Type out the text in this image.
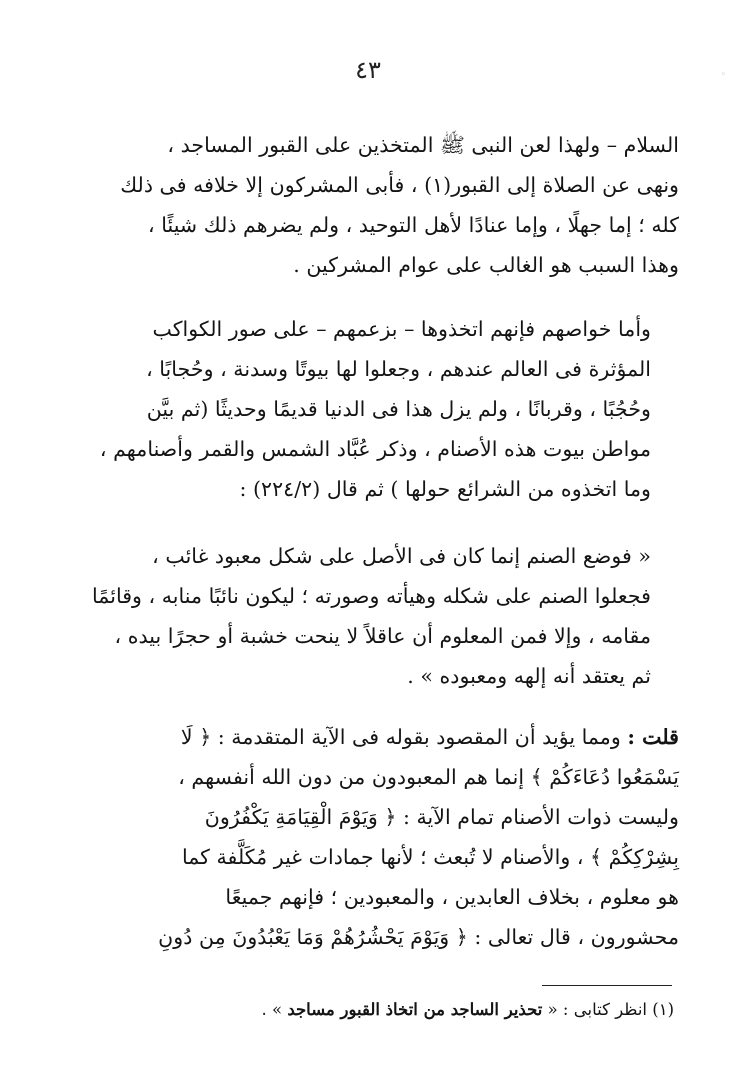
٤٣

السلام – ولهذا لعن النبى ﷺ المتخذين على القبور المساجد ،
ونهى عن الصلاة إلى القبور(١) ، فأبى المشركون إلا خلافه فى ذلك
كله ؛ إما جهلًا ، وإما عنادًا لأهل التوحيد ، ولم يضرهم ذلك شيئًا ،
وهذا السبب هو الغالب على عوام المشركين .

وأما خواصهم فإنهم اتخذوها – بزعمهم – على صور الكواكب
المؤثرة فى العالم عندهم ، وجعلوا لها بيوتًا وسدنة ، وحُجابًا ،
وحُجُبًا ، وقربانًا ، ولم يزل هذا فى الدنيا قديمًا وحديثًا (ثم بيَّن
مواطن بيوت هذه الأصنام ، وذكر عُبَّاد الشمس والقمر وأصنامهم ،
وما اتخذوه من الشرائع حولها ) ثم قال (٢٢٤/٢) :

« فوضع الصنم إنما كان فى الأصل على شكل معبود غائب ،
فجعلوا الصنم على شكله وهيأته وصورته ؛ ليكون نائبًا منابه ، وقائمًا
مقامه ، وإلا فمن المعلوم أن عاقلاً لا ينحت خشبة أو حجرًا بيده ،
ثم يعتقد أنه إلهه ومعبوده » .

قلت : ومما يؤيد أن المقصود بقوله فى الآية المتقدمة : ﴿ لَا
يَسْمَعُوا دُعَاءَكُمْ ﴾ إنما هم المعبودون من دون الله أنفسهم ،
وليست ذوات الأصنام تمام الآية : ﴿ وَيَوْمَ الْقِيَامَةِ يَكْفُرُونَ
بِشِرْكِكُمْ ﴾ ، والأصنام لا تُبعث ؛ لأنها جمادات غير مُكَلَّفة كما
هو معلوم ، بخلاف العابدين ، والمعبودين ؛ فإنهم جميعًا
محشورون ، قال تعالى : ﴿ وَيَوْمَ يَحْشُرُهُمْ وَمَا يَعْبُدُونَ مِن دُونِ

(١) انظر كتابى : « تحذير الساجد من اتخاذ القبور مساجد » .
◦
